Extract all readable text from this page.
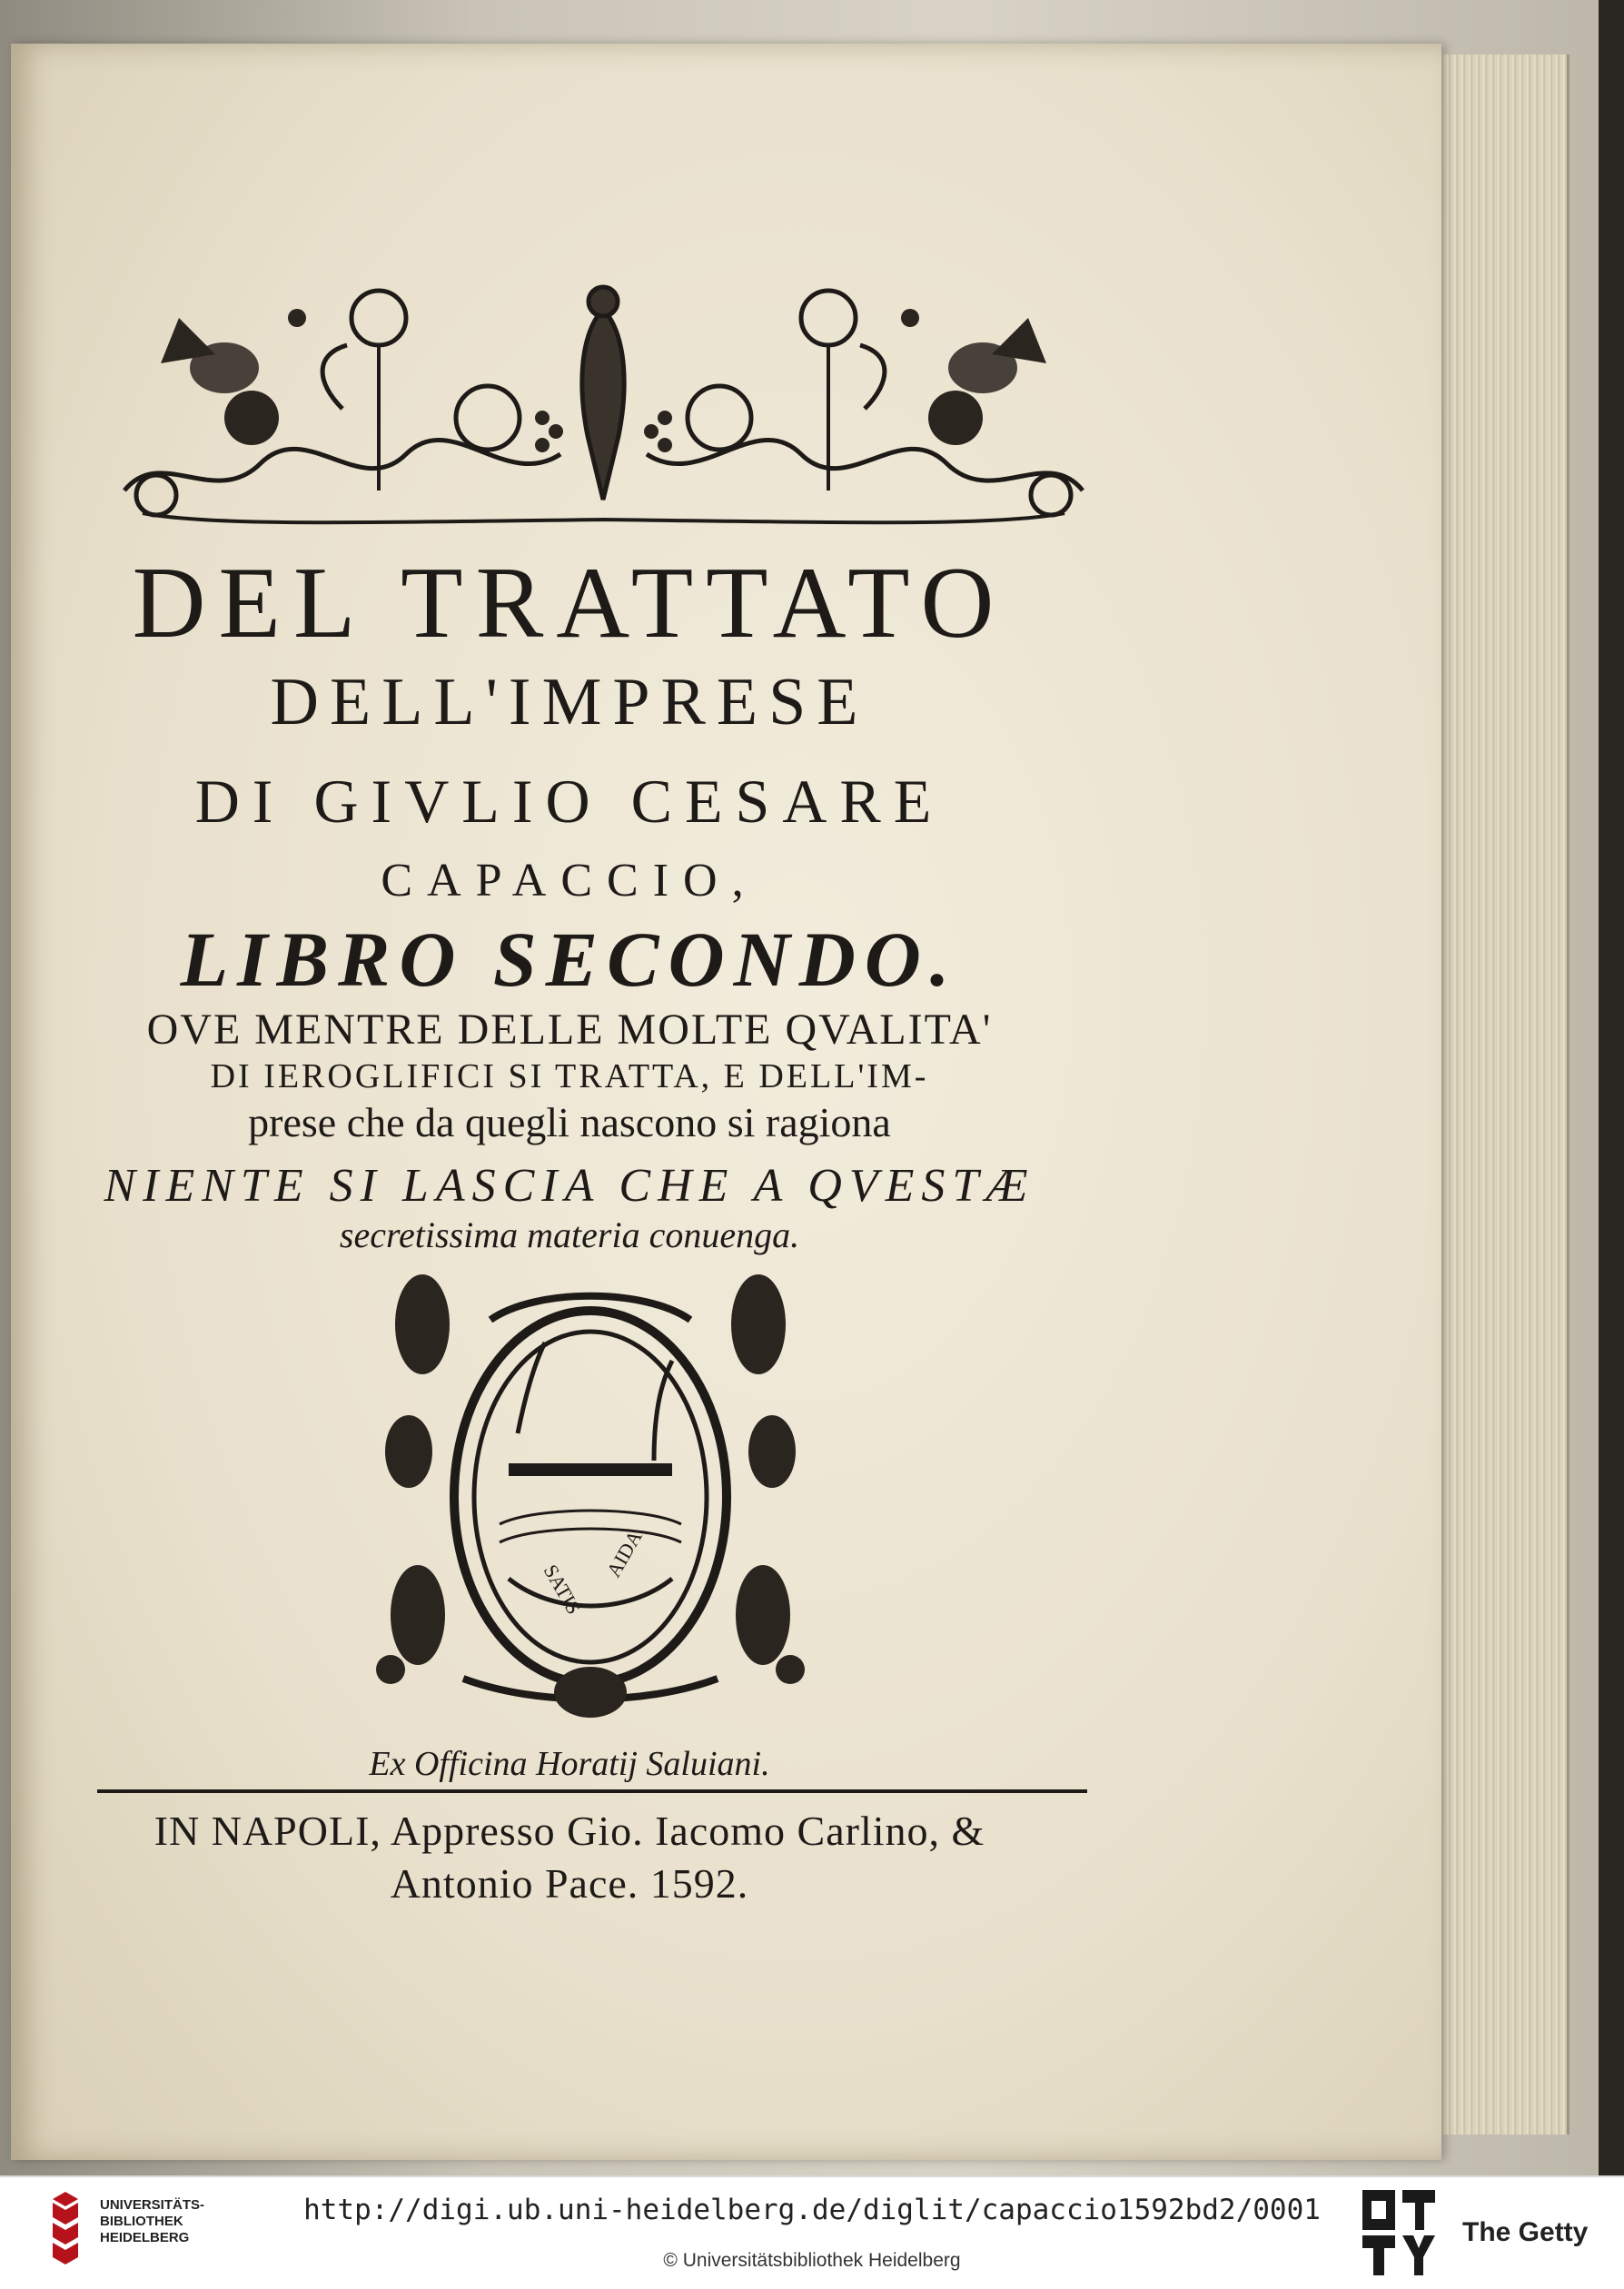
DEL TRATTATO
DELL'IMPRESE
DI GIVLIO CESARE
CAPACCIO,
LIBRO SECONDO.
OVE MENTRE DELLE MOLTE QVALITA'
DI IEROGLIFICI SI TRATTA, E DELL'IM-
prese che da quegli nascono si ragiona
NIENTE SI LASCIA CHE A QVESTÆ
secretissima materia conuenga.
SATIS
AIDA
Ex Officina Horatij Saluiani.
IN NAPOLI, Appresso Gio. Iacomo Carlino, &
Antonio Pace. 1592.
UNIVERSITÄTS-
BIBLIOTHEK
HEIDELBERG
http://digi.ub.uni-heidelberg.de/diglit/capaccio1592bd2/0001
© Universitätsbibliothek Heidelberg
The Getty
